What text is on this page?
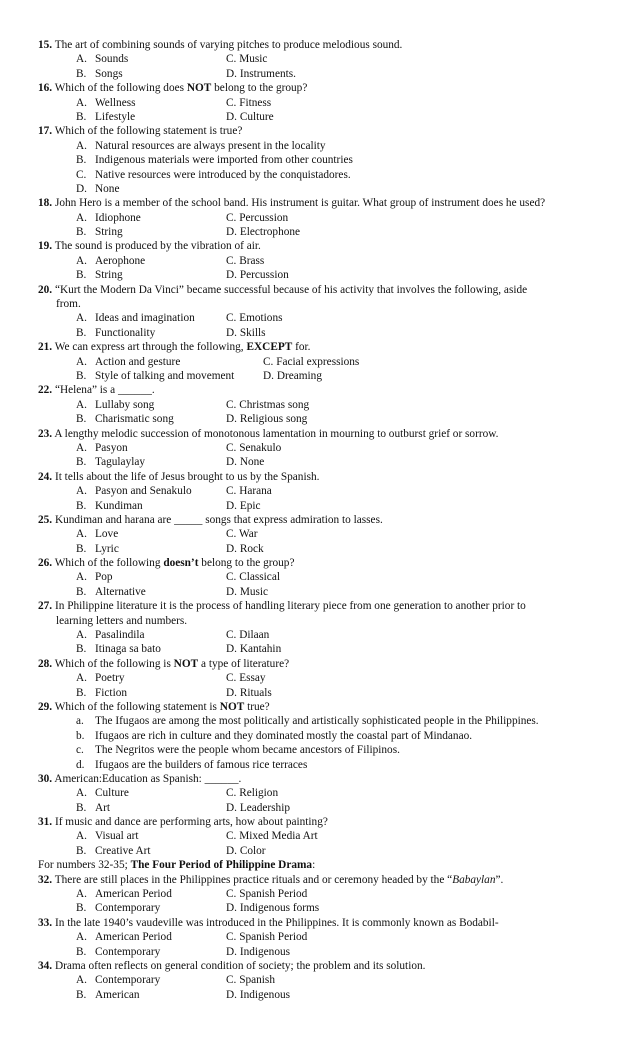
15. The art of combining sounds of varying pitches to produce melodious sound.
A. Sounds	C. Music
B. Songs	D. Instruments.
16. Which of the following does NOT belong to the group?
A. Wellness	C. Fitness
B. Lifestyle	D. Culture
17. Which of the following statement is true?
A. Natural resources are always present in the locality
B. Indigenous materials were imported from other countries
C. Native resources were introduced by the conquistadores.
D. None
18. John Hero is a member of the school band. His instrument is guitar. What group of instrument does he used?
A. Idiophone	C. Percussion
B. String	D. Electrophone
19. The sound is produced by the vibration of air.
A. Aerophone	C. Brass
B. String	D. Percussion
20. “Kurt the Modern Da Vinci” became successful because of his activity that involves the following, aside
from.
A. Ideas and imagination	C. Emotions
B. Functionality	D. Skills
21. We can express art through the following, EXCEPT for.
A. Action and gesture	C. Facial expressions
B. Style of talking and movement	D. Dreaming
22. “Helena” is a ______.
A. Lullaby song	C. Christmas song
B. Charismatic song	D. Religious song
23. A lengthy melodic succession of monotonous lamentation in mourning to outburst grief or sorrow.
A. Pasyon	C. Senakulo
B. Tagulaylay	D. None
24. It tells about the life of Jesus brought to us by the Spanish.
A. Pasyon and Senakulo	C. Harana
B. Kundiman	D. Epic
25. Kundiman and harana are _____ songs that express admiration to lasses.
A. Love	C. War
B. Lyric	D. Rock
26. Which of the following doesn’t belong to the group?
A. Pop	C. Classical
B. Alternative	D. Music
27. In Philippine literature it is the process of handling literary piece from one generation to another prior to
learning letters and numbers.
A. Pasalindila	C. Dilaan
B. Itinaga sa bato	D. Kantahin
28. Which of the following is NOT a type of literature?
A. Poetry	C. Essay
B. Fiction	D. Rituals
29. Which of the following statement is NOT true?
a. The Ifugaos are among the most politically and artistically sophisticated people in the Philippines.
b. Ifugaos are rich in culture and they dominated mostly the coastal part of Mindanao.
c. The Negritos were the people whom became ancestors of Filipinos.
d. Ifugaos are the builders of famous rice terraces
30. American:Education as Spanish: ______.
A. Culture	C. Religion
B. Art	D. Leadership
31. If music and dance are performing arts, how about painting?
A. Visual art	C. Mixed Media Art
B. Creative Art	D. Color
For numbers 32-35; The Four Period of Philippine Drama:
32. There are still places in the Philippines practice rituals and or ceremony headed by the “Babaylan”.
A. American Period	C. Spanish Period
B. Contemporary	D. Indigenous forms
33. In the late 1940’s vaudeville was introduced in the Philippines. It is commonly known as Bodabil-
A. American Period	C. Spanish Period
B. Contemporary	D. Indigenous
34. Drama often reflects on general condition of society; the problem and its solution.
A. Contemporary	C. Spanish
B. American	D. Indigenous
